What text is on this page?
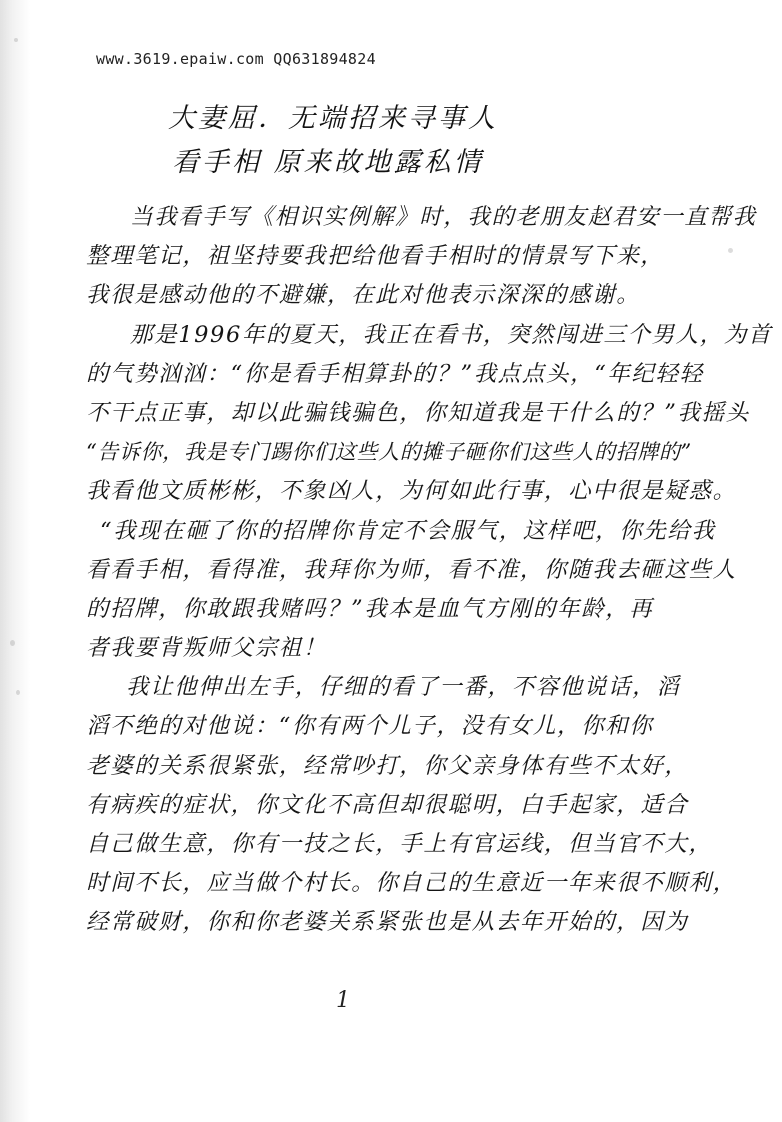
www.3619.epaiw.com QQ631894824
大妻屈．无端招来寻事人
看手相 原来故地露私情
当我看手写《相识实例解》时，我的老朋友赵君安一直帮我
整理笔记，祖坚持要我把给他看手相时的情景写下来，
我很是感动他的不避嫌，在此对他表示深深的感谢。
那是1996年的夏天，我正在看书，突然闯进三个男人，为首
的气势汹汹：“你是看手相算卦的？”我点点头，“年纪轻轻
不干点正事，却以此骗钱骗色，你知道我是干什么的？”我摇头
“告诉你，我是专门踢你们这些人的摊子砸你们这些人的招牌的”
我看他文质彬彬，不象凶人，为何如此行事，心中很是疑惑。
“我现在砸了你的招牌你肯定不会服气，这样吧，你先给我
看看手相，看得准，我拜你为师，看不准，你随我去砸这些人
的招牌，你敢跟我赌吗？”我本是血气方刚的年龄，再
者我要背叛师父宗祖！
我让他伸出左手，仔细的看了一番，不容他说话，滔
滔不绝的对他说：“你有两个儿子，没有女儿，你和你
老婆的关系很紧张，经常吵打，你父亲身体有些不太好，
有病疾的症状，你文化不高但却很聪明，白手起家，适合
自己做生意，你有一技之长，手上有官运线，但当官不大，
时间不长，应当做个村长。你自己的生意近一年来很不顺利，
经常破财，你和你老婆关系紧张也是从去年开始的，因为
1
